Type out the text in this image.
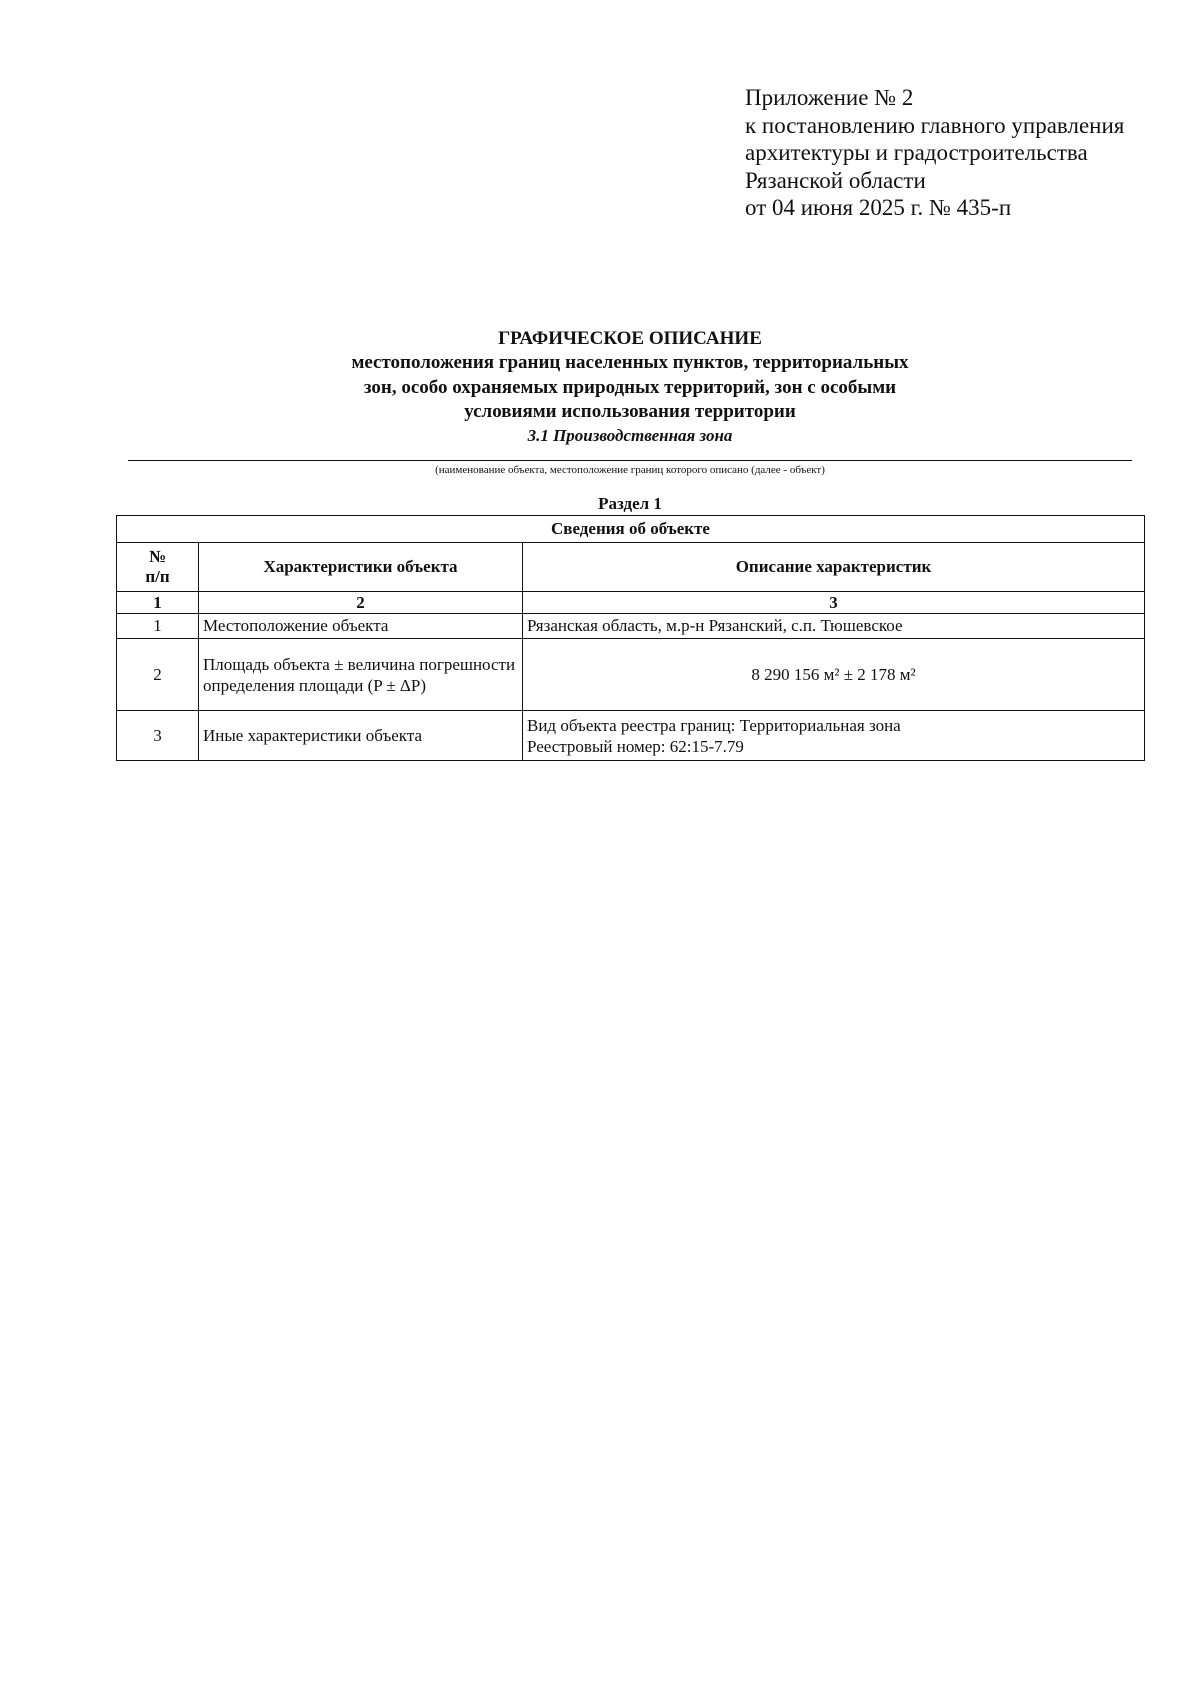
Приложение № 2
к постановлению главного управления
архитектуры и градостроительства
Рязанской области
от 04 июня 2025 г. № 435-п
ГРАФИЧЕСКОЕ ОПИСАНИЕ
местоположения границ населенных пунктов, территориальных
зон, особо охраняемых природных территорий, зон с особыми
условиями использования территории
3.1 Производственная зона
(наименование объекта, местоположение границ которого описано (далее - объект)
Раздел 1
Сведения об объекте		
№
п/п	Характеристики объекта	Описание характеристик
1	2	3
1	Местоположение объекта	Рязанская область, м.р-н Рязанский, с.п. Тюшевское
2	Площадь объекта ± величина погрешности определения площади (P ± ΔP)	8 290 156 м² ± 2 178 м²
3	Иные характеристики объекта	Вид объекта реестра границ: Территориальная зона
Реестровый номер: 62:15-7.79
